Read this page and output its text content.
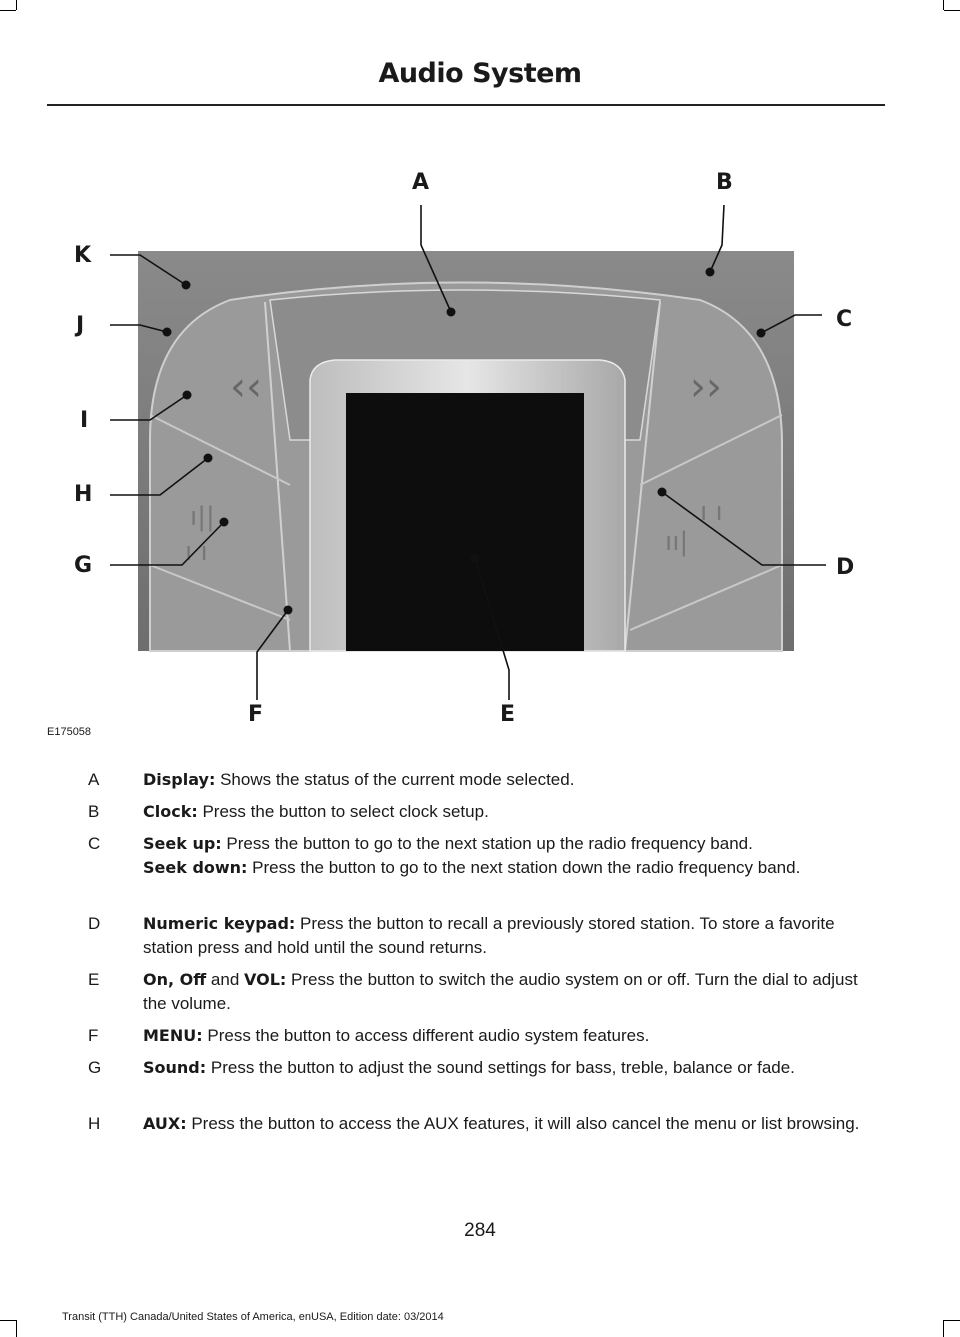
Audio System
‹‹	››
ı||
ı ı	ıı|
ı ı
A	B
C
D
E
F
G
H
I
J
K
E175058
A	Display: Shows the status of the current mode selected.
B	Clock: Press the button to select clock setup.
C	Seek up: Press the button to go to the next station up the radio frequency band.
Seek down: Press the button to go to the next station down the radio frequency band.
D	Numeric keypad: Press the button to recall a previously stored station. To store a favorite station press and hold until the sound returns.
E	On, Off and VOL: Press the button to switch the audio system on or off. Turn the dial to adjust the volume.
F	MENU: Press the button to access different audio system features.
G	Sound: Press the button to adjust the sound settings for bass, treble, balance or fade.
H	AUX: Press the button to access the AUX features, it will also cancel the menu or list browsing.
284
Transit (TTH) Canada/United States of America, enUSA, Edition date: 03/2014
